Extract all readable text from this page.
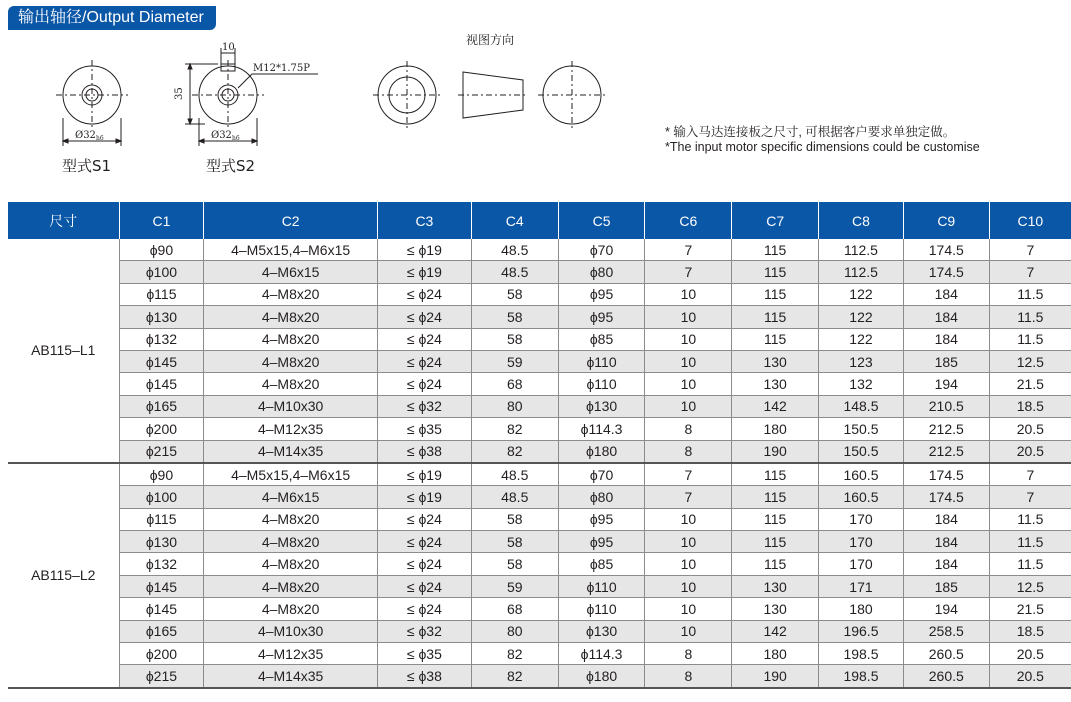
输出轴径/Output Diameter
视图方向
Ø32 h6
10
M12*1.75P
35
Ø32 h6
型式S1	型式S2
* 输入马达连接板之尺寸, 可根据客户要求单独定做。
*The input motor specific dimensions could be customise
尺寸	C1	C2	C3	C4	C5	C6	C7	C8	C9	C10
AB115–L1	ϕ90	4–M5x15,4–M6x15	≤ ϕ19	48.5	ϕ70	7	115	112.5	174.5	7
	ϕ100	4–M6x15	≤ ϕ19	48.5	ϕ80	7	115	112.5	174.5	7
	ϕ115	4–M8x20	≤ ϕ24	58	ϕ95	10	115	122	184	11.5
	ϕ130	4–M8x20	≤ ϕ24	58	ϕ95	10	115	122	184	11.5
	ϕ132	4–M8x20	≤ ϕ24	58	ϕ85	10	115	122	184	11.5
	ϕ145	4–M8x20	≤ ϕ24	59	ϕ110	10	130	123	185	12.5
	ϕ145	4–M8x20	≤ ϕ24	68	ϕ110	10	130	132	194	21.5
	ϕ165	4–M10x30	≤ ϕ32	80	ϕ130	10	142	148.5	210.5	18.5
	ϕ200	4–M12x35	≤ ϕ35	82	ϕ114.3	8	180	150.5	212.5	20.5
	ϕ215	4–M14x35	≤ ϕ38	82	ϕ180	8	190	150.5	212.5	20.5
AB115–L2	ϕ90	4–M5x15,4–M6x15	≤ ϕ19	48.5	ϕ70	7	115	160.5	174.5	7
	ϕ100	4–M6x15	≤ ϕ19	48.5	ϕ80	7	115	160.5	174.5	7
	ϕ115	4–M8x20	≤ ϕ24	58	ϕ95	10	115	170	184	11.5
	ϕ130	4–M8x20	≤ ϕ24	58	ϕ95	10	115	170	184	11.5
	ϕ132	4–M8x20	≤ ϕ24	58	ϕ85	10	115	170	184	11.5
	ϕ145	4–M8x20	≤ ϕ24	59	ϕ110	10	130	171	185	12.5
	ϕ145	4–M8x20	≤ ϕ24	68	ϕ110	10	130	180	194	21.5
	ϕ165	4–M10x30	≤ ϕ32	80	ϕ130	10	142	196.5	258.5	18.5
	ϕ200	4–M12x35	≤ ϕ35	82	ϕ114.3	8	180	198.5	260.5	20.5
	ϕ215	4–M14x35	≤ ϕ38	82	ϕ180	8	190	198.5	260.5	20.5
